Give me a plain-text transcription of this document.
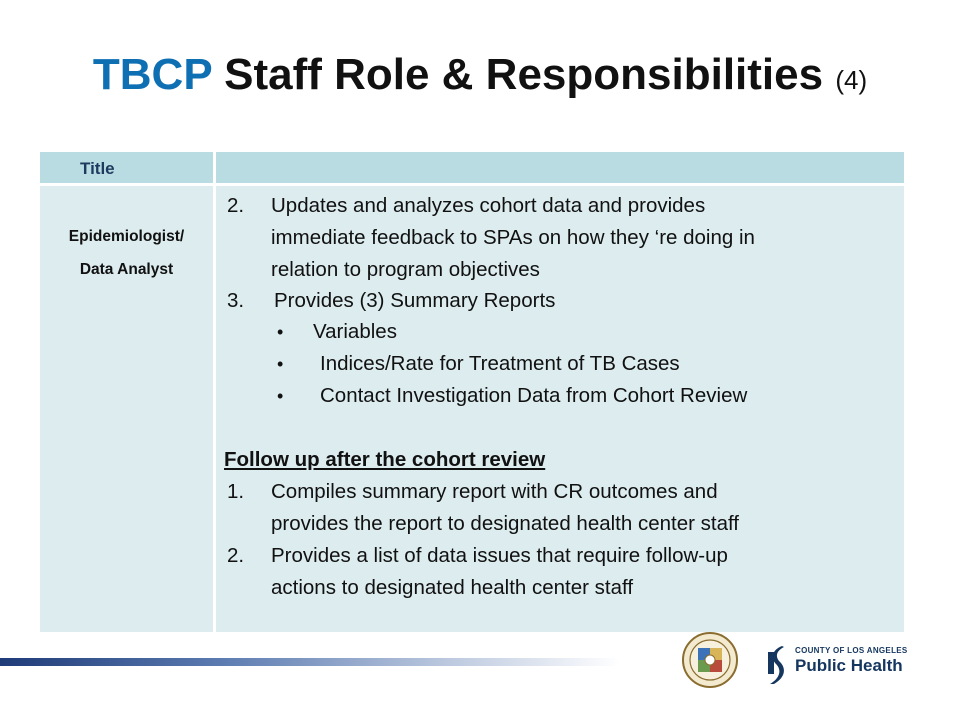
TBCP Staff Role & Responsibilities (4)
Title
Epidemiologist/
Data Analyst
2. Updates and analyzes cohort data and provides
immediate feedback to SPAs on how they ‘re doing in
relation to program objectives
3. Provides (3) Summary Reports
• Variables
• Indices/Rate for Treatment of TB Cases
• Contact Investigation Data from Cohort Review
Follow up after the cohort review
1. Compiles summary report with CR outcomes and
provides the report to designated health center staff
2. Provides a list of data issues that require follow-up
actions to designated health center staff
COUNTY OF LOS ANGELES
Public Health
